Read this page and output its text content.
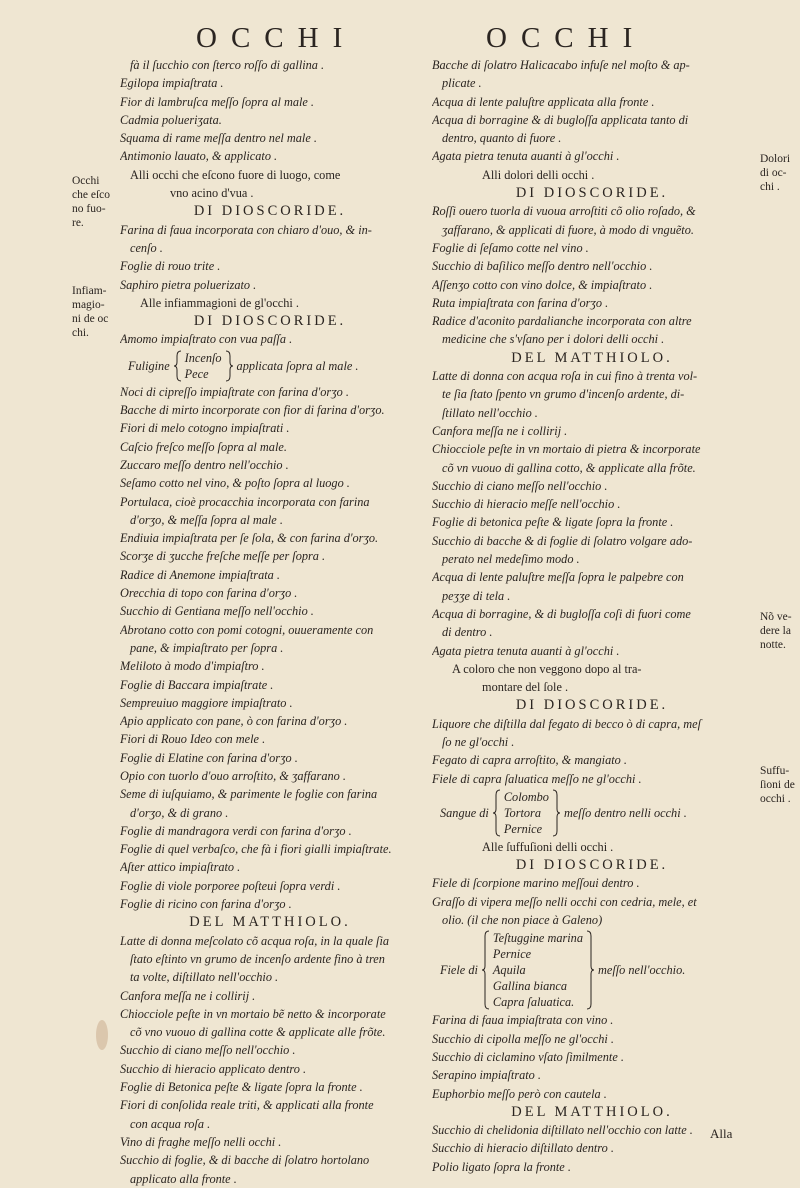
OCCHI	OCCHI
fà il ſucchio con ſterco roſſo di gallina .
Egilopa impiaſtrata .
Fior di lambruſca meſſo ſopra al male .
Cadmia polueriʒata.
Squama di rame meſſa dentro nel male .
Antimonio lauato, & applicato .
Alli occhi che eſcono fuore di luogo, come
vno acino d'vua .
DI DIOSCORIDE.
Farina di faua incorporata con chiaro d'ouo, & in-
cenſo .
Foglie di rouo trite .
Saphiro pietra poluerizato .
Alle infiammagioni de gl'occhi .
DI DIOSCORIDE.
Amomo impiaſtrato con vua paſſa .
Fuligine
Incenſo
Pece
applicata ſopra al male .
Noci di cipreſſo impiaſtrate con farina d'orʒo .
Bacche di mirto incorporate con fior di farina d'orʒo.
Fiori di melo cotogno impiaſtrati .
Caſcio freſco meſſo ſopra al male.
Zuccaro meſſo dentro nell'occhio .
Seſamo cotto nel vino, & poſto ſopra al luogo .
Portulaca, cioè procacchia incorporata con farina
d'orʒo, & meſſa ſopra al male .
Endiuia impiaſtrata per ſe ſola, & con farina d'orʒo.
Scorʒe di ʒucche freſche meſſe per ſopra .
Radice di Anemone impiaſtrata .
Orecchia di topo con farina d'orʒo .
Succhio di Gentiana meſſo nell'occhio .
Abrotano cotto con pomi cotogni, ouueramente con
pane, & impiaſtrato per ſopra .
Meliloto à modo d'impiaſtro .
Foglie di Baccara impiaſtrate .
Sempreuiuo maggiore impiaſtrato .
Apio applicato con pane, ò con farina d'orʒo .
Fiori di Rouo Ideo con mele .
Foglie di Elatine con farina d'orʒo .
Opio con tuorlo d'ouo arroſtito, & ʒaffarano .
Seme di iuſquiamo, & parimente le foglie con farina
d'orʒo, & di grano .
Foglie di mandragora verdi con farina d'orʒo .
Foglie di quel verbaſco, che fà i fiori gialli impiaſtrate.
Aſter attico impiaſtrato .
Foglie di viole porporee poſteui ſopra verdi .
Foglie di ricino con farina d'orʒo .
DEL MATTHIOLO.
Latte di donna meſcolato cõ acqua roſa, in la quale ſia
ſtato eſtinto vn grumo de incenſo ardente fino à tren
ta volte, diſtillato nell'occhio .
Canfora meſſa ne i collirij .
Chiocciole peſte in vn mortaio bẽ netto & incorporate
cõ vno vuouo di gallina cotte & applicate alle frõte.
Succhio di ciano meſſo nell'occhio .
Succhio di hieracio applicato dentro .
Foglie di Betonica peſte & ligate ſopra la fronte .
Fiori di conſolida reale triti, & applicati alla fronte
con acqua roſa .
Vino di fraghe meſſo nelli occhi .
Succhio di foglie, & di bacche di ſolatro hortolano
applicato alla fronte .
Bacche di ſolatro Halicacabo infuſe nel moſto & ap-
plicate .
Acqua di lente paluſtre applicata alla fronte .
Acqua di borragine & di bugloſſa applicata tanto di
dentro, quanto di fuore .
Agata pietra tenuta auanti à gl'occhi .
Alli dolori delli occhi .
DI DIOSCORIDE.
Roſſi ouero tuorla di vuoua arroſtiti cõ olio roſado, &
ʒaffarano, & applicati di fuore, à modo di vnguẽto.
Foglie di ſeſamo cotte nel vino .
Succhio di baſilico meſſo dentro nell'occhio .
Aſſenʒo cotto con vino dolce, & impiaſtrato .
Ruta impiaſtrata con farina d'orʒo .
Radice d'aconito pardalianche incorporata con altre
medicine che s'vſano per i dolori delli occhi .
DEL MATTHIOLO.
Latte di donna con acqua roſa in cui fino à trenta vol-
te ſia ſtato ſpento vn grumo d'incenſo ardente, di-
ſtillato nell'occhio .
Canfora meſſa ne i collirij .
Chiocciole peſte in vn mortaio di pietra & incorporate
cõ vn vuouo di gallina cotto, & applicate alla frõte.
Succhio di ciano meſſo nell'occhio .
Succhio di hieracio meſſe nell'occhio .
Foglie di betonica peſte & ligate ſopra la fronte .
Succhio di bacche & di foglie di ſolatro volgare ado-
perato nel medeſimo modo .
Acqua di lente paluſtre meſſa ſopra le palpebre con
peʒʒe di tela .
Acqua di borragine, & di bugloſſa coſi di fuori come
di dentro .
Agata pietra tenuta auanti à gl'occhi .
A coloro che non veggono dopo al tra-
montare del ſole .
DI DIOSCORIDE.
Liquore che diſtilla dal fegato di becco ò di capra, meſ
ſo ne gl'occhi .
Fegato di capra arroſtito, & mangiato .
Fiele di capra ſaluatica meſſo ne gl'occhi .
Sangue di
Colombo
Tortora
Pernice
meſſo dentro nelli occhi .
Alle ſuffuſioni delli occhi .
DI DIOSCORIDE.
Fiele di ſcorpione marino meſſoui dentro .
Graſſo di vipera meſſo nelli occhi con cedria, mele, et
olio. (il che non piace à Galeno)
Fiele di
Teſtuggine marina
Pernice
Aquila
Gallina bianca
Capra ſaluatica.
meſſo nell'occhio.
Farina di faua impiaſtrata con vino .
Succhio di cipolla meſſo ne gl'occhi .
Succhio di ciclamino vſato ſimilmente .
Serapino impiaſtrato .
Euphorbio meſſo però con cautela .
DEL MATTHIOLO.
Succhio di chelidonia diſtillato nell'occhio con latte .
Succhio di hieracio diſtillato dentro .
Polio ligato ſopra la fronte .
Occhi
che eſco
no fuo-
re.
Infiam-
magio-
ni de oc
chi.
Dolori
di oc-
chi .
Nõ ve-
dere la
notte.
Suffu-
ſioni de
occhi .
Alla
